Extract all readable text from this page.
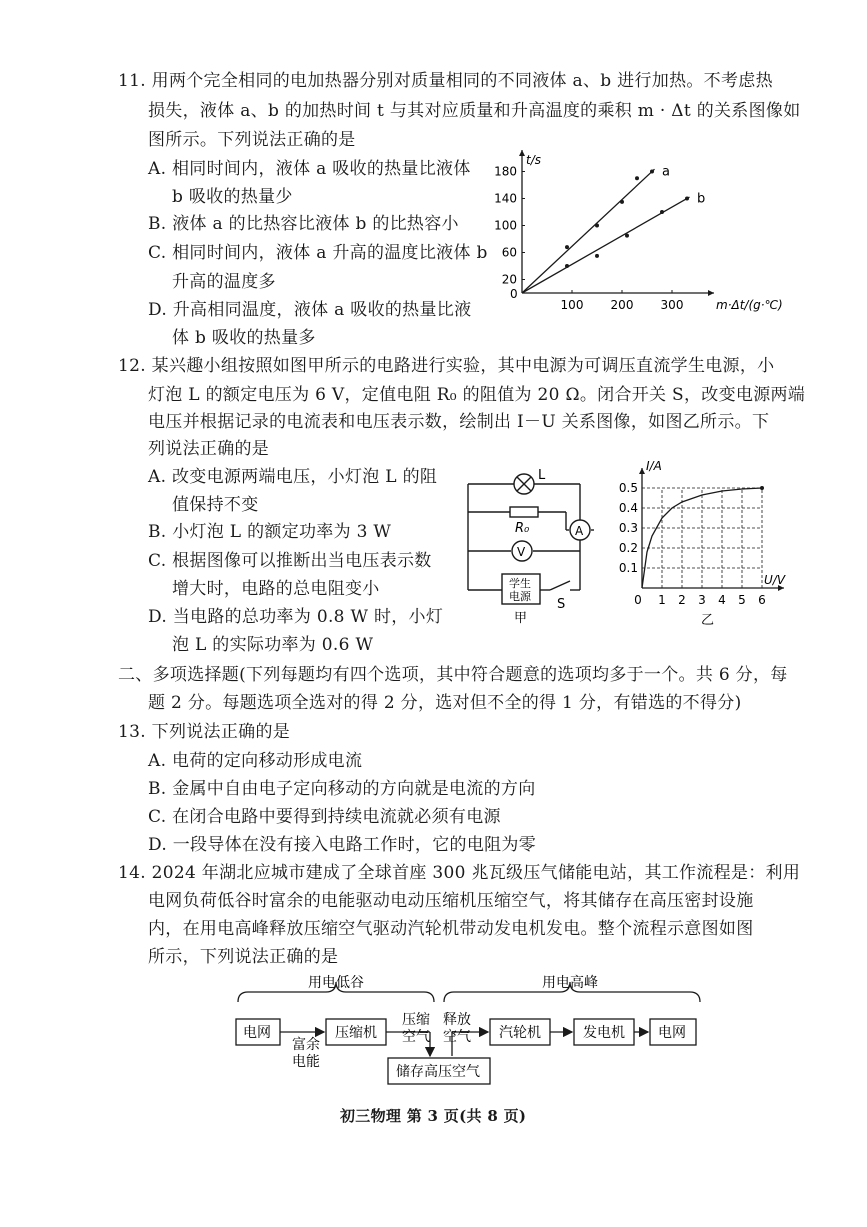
11. 用两个完全相同的电加热器分别对质量相同的不同液体 a、b 进行加热。不考虑热
损失，液体 a、b 的加热时间 t 与其对应质量和升高温度的乘积 m · Δt 的关系图像如
图所示。下列说法正确的是
A. 相同时间内，液体 a 吸收的热量比液体
b 吸收的热量少
B. 液体 a 的比热容比液体 b 的比热容小
C. 相同时间内，液体 a 升高的温度比液体 b
升高的温度多
D. 升高相同温度，液体 a 吸收的热量比液
体 b 吸收的热量多
0
20
60
100
140
180
100 200 300
t/s
m·Δt/(g·℃)
a
b
12. 某兴趣小组按照如图甲所示的电路进行实验，其中电源为可调压直流学生电源，小
灯泡 L 的额定电压为 6 V，定值电阻 R₀ 的阻值为 20 Ω。闭合开关 S，改变电源两端
电压并根据记录的电流表和电压表示数，绘制出 I－U 关系图像，如图乙所示。下
列说法正确的是
A. 改变电源两端电压，小灯泡 L 的阻
值保持不变
B. 小灯泡 L 的额定功率为 3 W
C. 根据图像可以推断出当电压表示数
增大时，电路的总电阻变小
D. 当电路的总功率为 0.8 W 时，小灯
泡 L 的实际功率为 0.6 W
L
R₀	A
V
学生
电源
S
甲
0
0.1
0.2
0.3
0.4
0.5
1 2 3 4 5 6
I/A
U/V
乙
二、多项选择题(下列每题均有四个选项，其中符合题意的选项均多于一个。共 6 分，每
题 2 分。每题选项全选对的得 2 分，选对但不全的得 1 分，有错选的不得分)
13. 下列说法正确的是
A. 电荷的定向移动形成电流
B. 金属中自由电子定向移动的方向就是电流的方向
C. 在闭合电路中要得到持续电流就必须有电源
D. 一段导体在没有接入电路工作时，它的电阻为零
14. 2024 年湖北应城市建成了全球首座 300 兆瓦级压气储能电站，其工作流程是：利用
电网负荷低谷时富余的电能驱动电动压缩机压缩空气，将其储存在高压密封设施
内，在用电高峰释放压缩空气驱动汽轮机带动发电机发电。整个流程示意图如图
所示，下列说法正确的是
用电低谷	用电高峰
电网	压缩机	汽轮机	发电机 电网
储存高压空气
富余
电能
压缩
空气
释放
空气
初三物理 第 3 页(共 8 页)
